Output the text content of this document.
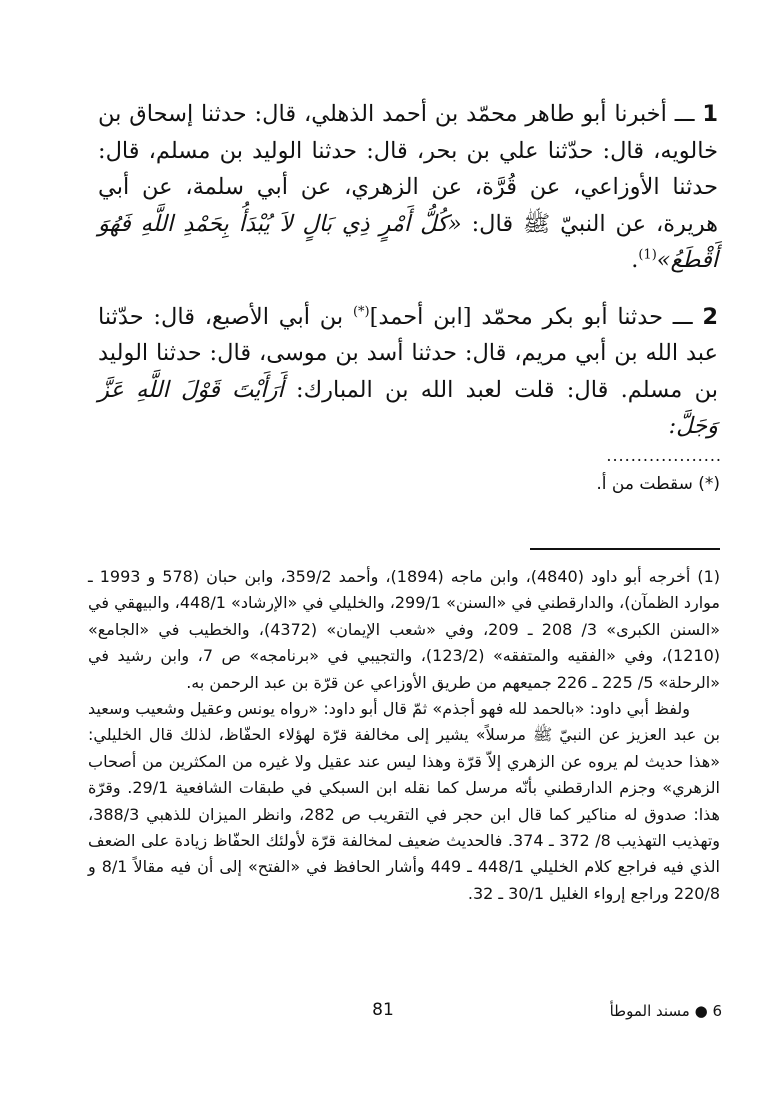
1 ـــ أخبرنا أبو طاهر محمّد بن أحمد الذهلي، قال: حدثنا إسحاق بن خالويه، قال: حدّثنا علي بن بحر، قال: حدثنا الوليد بن مسلم، قال: حدثنا الأوزاعي، عن قُرَّة، عن الزهري، عن أبي سلمة، عن أبي هريرة، عن النبيّ ﷺ قال: «كُلُّ أَمْرٍ ذِي بَالٍ لاَ يُبْدَأُ بِحَمْدِ اللَّهِ فَهُوَ أَقْطَعُ»$^{(1)}$.

2 ـــ حدثنا أبو بكر محمّد [ابن أحمد](*) بن أبي الأصبع، قال: حدّثنا عبد الله بن أبي مريم، قال: حدثنا أسد بن موسى، قال: حدثنا الوليد بن مسلم. قال: قلت لعبد الله بن المبارك: أَرَأَيْتَ قَوْلَ اللَّهِ عَزَّ وَجَلَّ:

...................
(*) سقطت من أ.

(1) أخرجه أبو داود (4840)، وابن ماجه (1894)، وأحمد 359/2، وابن حبان (578 و 1993 ـ موارد الظمآن)، والدارقطني في «السنن» 299/1، والخليلي في «الإرشاد» 448/1، والبيهقي في «السنن الكبرى» 3/ 208 ـ 209، وفي «شعب الإيمان» (4372)، والخطيب في «الجامع» (1210)، وفي «الفقيه والمتفقه» (123/2)، والتجيبي في «برنامجه» ص 7، وابن رشيد في «الرحلة» 5/ 225 ـ 226 جميعهم من طريق الأوزاعي عن قرّة بن عبد الرحمن به.

ولفظ أبي داود: «بالحمد لله فهو أجذم» ثمّ قال أبو داود: «رواه يونس وعقيل وشعيب وسعيد بن عبد العزيز عن النبيّ ﷺ مرسلاً» يشير إلى مخالفة قرّة لهؤلاء الحفّاظ، لذلك قال الخليلي: «هذا حديث لم يروه عن الزهري إلاّ قرّة وهذا ليس عند عقيل ولا غيره من المكثرين من أصحاب الزهري» وجزم الدارقطني بأنّه مرسل كما نقله ابن السبكي في طبقات الشافعية 29/1. وقرّة هذا: صدوق له مناكير كما قال ابن حجر في التقريب ص 282، وانظر الميزان للذهبي 388/3، وتهذيب التهذيب 8/ 372 ـ 374. فالحديث ضعيف لمخالفة قرّة لأولئك الحفّاظ زيادة على الضعف الذي فيه فراجع كلام الخليلي 448/1 ـ 449 وأشار الحافظ في «الفتح» إلى أن فيه مقالاً 8/1 و 220/8 وراجع إرواء الغليل 30/1 ـ 32.

81	6 ● مسند الموطأ
